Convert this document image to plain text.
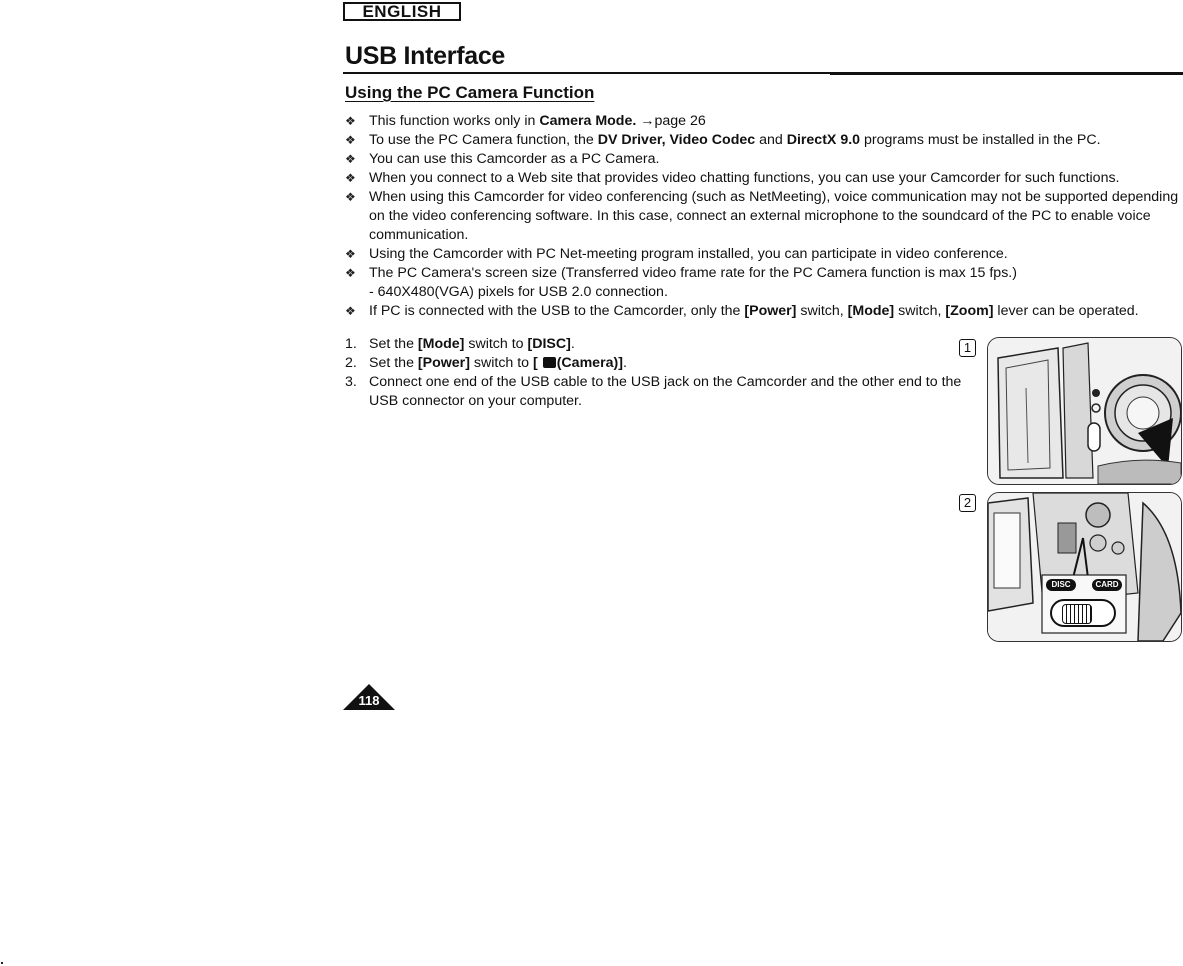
ENGLISH
USB Interface
Using the PC Camera Function
❖ This function works only in Camera Mode. →page 26
❖ To use the PC Camera function, the DV Driver, Video Codec and DirectX 9.0 programs must be installed in the PC.
❖ You can use this Camcorder as a PC Camera.
❖ When you connect to a Web site that provides video chatting functions, you can use your Camcorder for such functions.
❖ When using this Camcorder for video conferencing (such as NetMeeting), voice communication may not be supported depending on the video conferencing software. In this case, connect an external microphone to the soundcard of the PC to enable voice communication.
❖ Using the Camcorder with PC Net-meeting program installed, you can participate in video conference.
❖ The PC Camera's screen size (Transferred video frame rate for the PC Camera function is max 15 fps.)
- 640X480(VGA) pixels for USB 2.0 connection.
❖ If PC is connected with the USB to the Camcorder, only the [Power] switch, [Mode] switch, [Zoom] lever can be operated.
1. Set the [Mode] switch to [DISC].
2. Set the [Power] switch to [ (Camera)].
3. Connect one end of the USB cable to the USB jack on the Camcorder and the other end to the USB connector on your computer.
1
2
DISC	CARD
118
